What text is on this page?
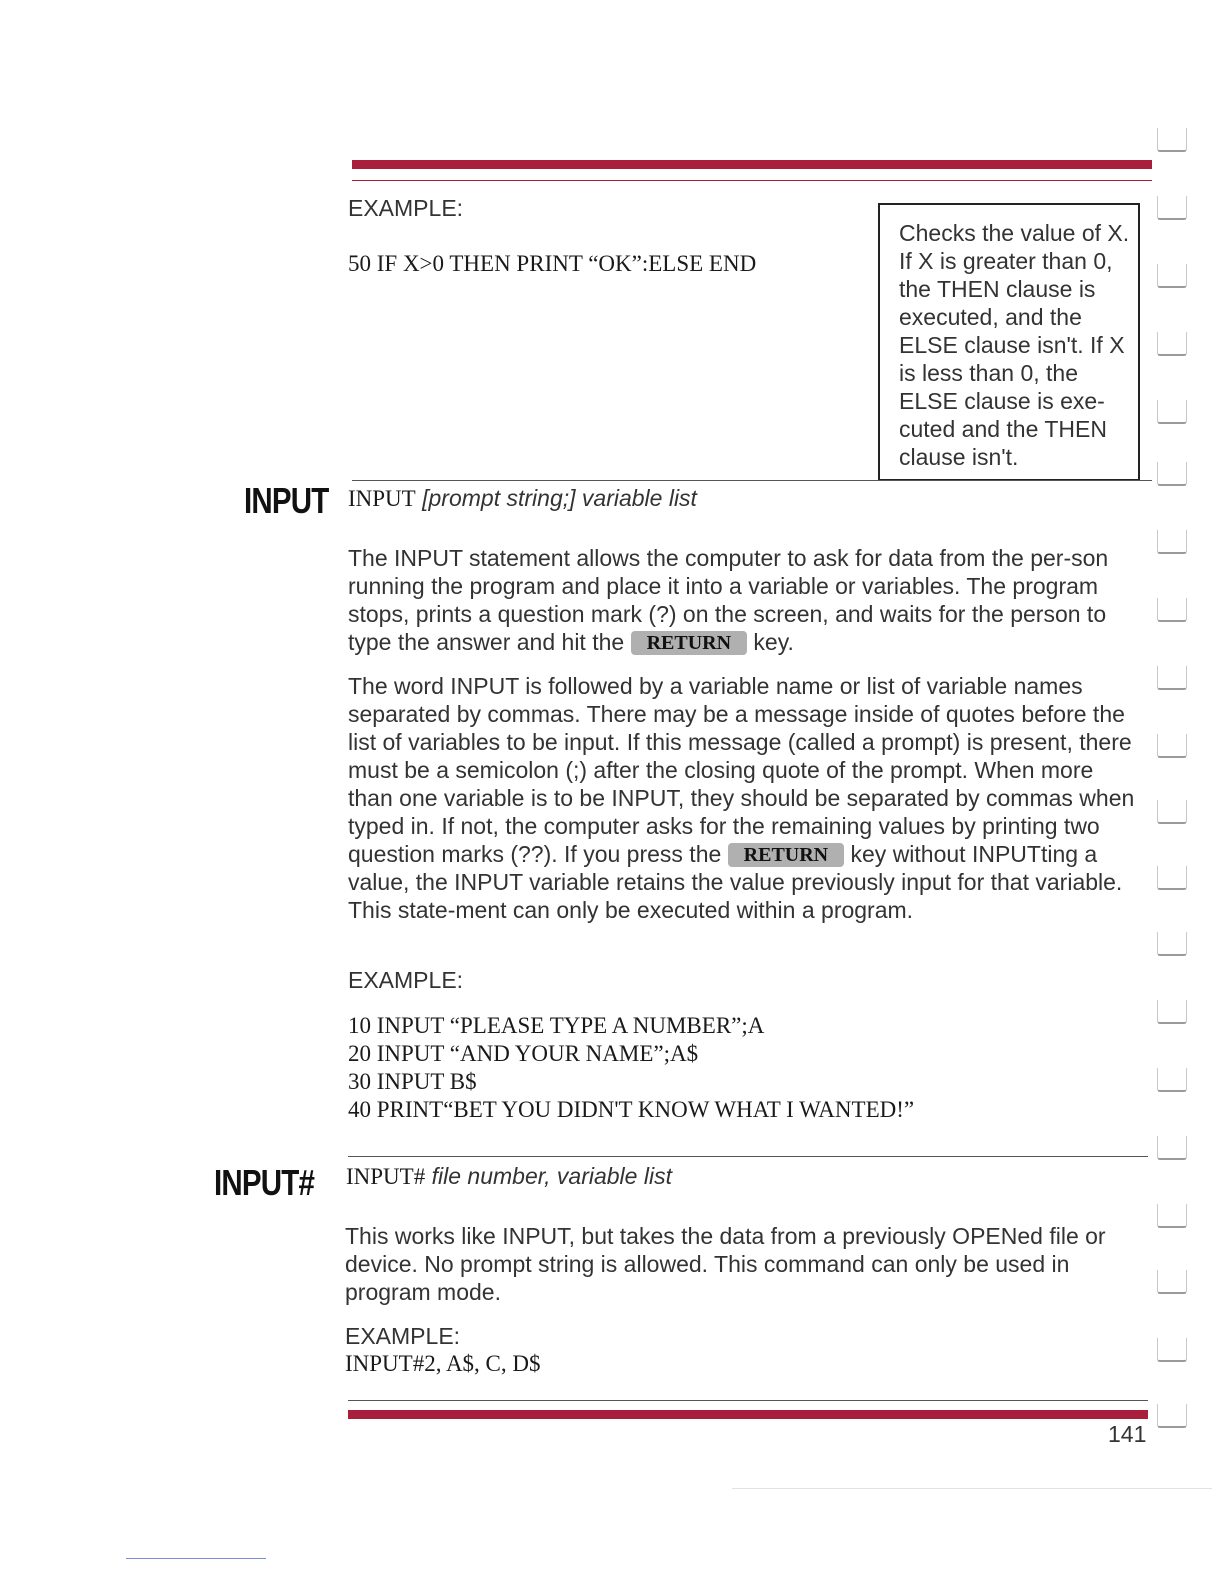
EXAMPLE:
50 IF X>0 THEN PRINT “OK”:ELSE END
Checks the value of X. If X is greater than 0, the THEN clause is executed, and the ELSE clause isn't. If X is less than 0, the ELSE clause is exe-cuted and the THEN clause isn't.
INPUT INPUT [prompt string;] variable list

The INPUT statement allows the computer to ask for data from the per-son running the program and place it into a variable or variables. The program stops, prints a question mark (?) on the screen, and waits for the person to type the answer and hit the RETURN key.

The word INPUT is followed by a variable name or list of variable names separated by commas. There may be a message inside of quotes before the list of variables to be input. If this message (called a prompt) is present, there must be a semicolon (;) after the closing quote of the prompt. When more than one variable is to be INPUT, they should be separated by commas when typed in. If not, the computer asks for the remaining values by printing two question marks (??). If you press the RETURN key without INPUTting a value, the INPUT variable retains the value previously input for that variable. This state-ment can only be executed within a program.

EXAMPLE:
10 INPUT “PLEASE TYPE A NUMBER”;A
20 INPUT “AND YOUR NAME”;A$
30 INPUT B$
40 PRINT“BET YOU DIDN'T KNOW WHAT I WANTED!”
INPUT# INPUT# file number, variable list
This works like INPUT, but takes the data from a previously OPENed file or device. No prompt string is allowed. This command can only be used in program mode.
EXAMPLE:
INPUT#2, A$, C, D$
141
